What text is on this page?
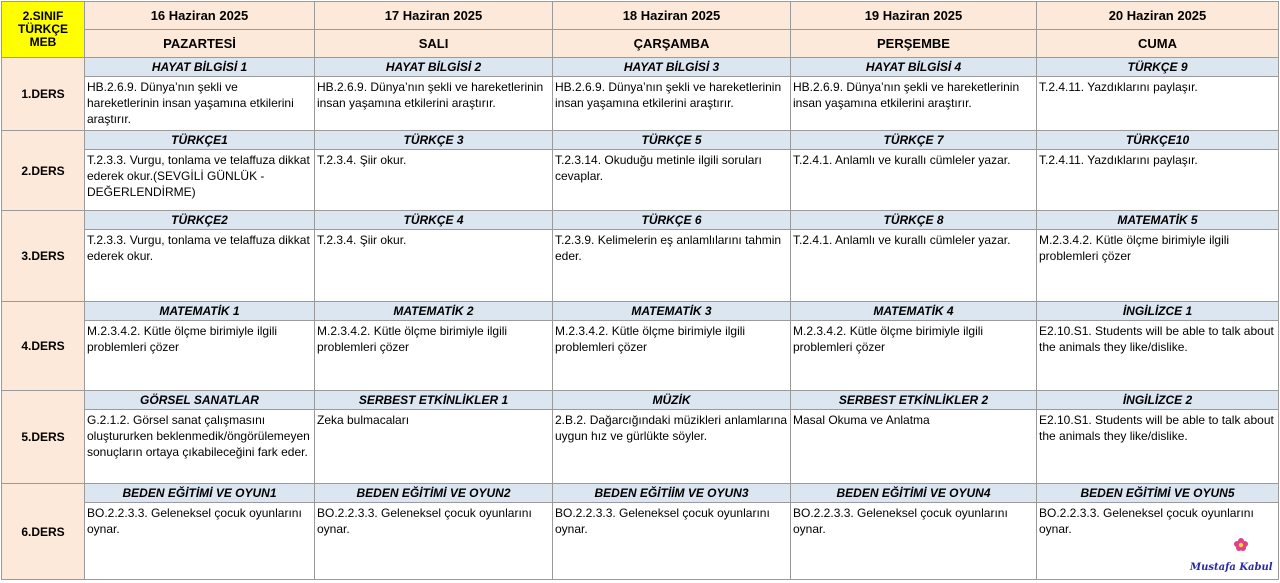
2.SINIF
TÜRKÇE
MEB	16 Haziran 2025	17 Haziran 2025	18 Haziran 2025	19 Haziran 2025	20 Haziran 2025
	PAZARTESİ	SALI	ÇARŞAMBA	PERŞEMBE	CUMA
1.DERS	HAYAT BİLGİSİ 1	HAYAT BİLGİSİ 2	HAYAT BİLGİSİ 3	HAYAT BİLGİSİ 4	TÜRKÇE 9
	HB.2.6.9. Dünya’nın şekli ve hareketlerinin insan yaşamına etkilerini araştırır.	HB.2.6.9. Dünya’nın şekli ve hareketlerinin insan yaşamına etkilerini araştırır.	HB.2.6.9. Dünya’nın şekli ve hareketlerinin insan yaşamına etkilerini araştırır.	HB.2.6.9. Dünya’nın şekli ve hareketlerinin insan yaşamına etkilerini araştırır.	T.2.4.11. Yazdıklarını paylaşır.
2.DERS	TÜRKÇE1	TÜRKÇE 3	TÜRKÇE 5	TÜRKÇE 7	TÜRKÇE10
	T.2.3.3. Vurgu, tonlama ve telaffuza dikkat ederek okur.(SEVGİLİ GÜNLÜK - DEĞERLENDİRME)	T.2.3.4. Şiir okur.	T.2.3.14. Okuduğu metinle ilgili soruları cevaplar.	T.2.4.1. Anlamlı ve kurallı cümleler yazar.	T.2.4.11. Yazdıklarını paylaşır.
3.DERS	TÜRKÇE2	TÜRKÇE 4	TÜRKÇE 6	TÜRKÇE 8	MATEMATİK 5
	T.2.3.3. Vurgu, tonlama ve telaffuza dikkat ederek okur.	T.2.3.4. Şiir okur.	T.2.3.9. Kelimelerin eş anlamlılarını tahmin eder.	T.2.4.1. Anlamlı ve kurallı cümleler yazar.	M.2.3.4.2. Kütle ölçme birimiyle ilgili problemleri çözer
4.DERS	MATEMATİK 1	MATEMATİK 2	MATEMATİK 3	MATEMATİK 4	İNGİLİZCE 1
	M.2.3.4.2. Kütle ölçme birimiyle ilgili problemleri çözer	M.2.3.4.2. Kütle ölçme birimiyle ilgili problemleri çözer	M.2.3.4.2. Kütle ölçme birimiyle ilgili problemleri çözer	M.2.3.4.2. Kütle ölçme birimiyle ilgili problemleri çözer	E2.10.S1. Students will be able to talk about the animals they like/dislike.
5.DERS	GÖRSEL SANATLAR	SERBEST ETKİNLİKLER 1	MÜZİK	SERBEST ETKİNLİKLER 2	İNGİLİZCE 2
	G.2.1.2. Görsel sanat çalışmasını oluştururken beklenmedik/öngörülemeyen sonuçların ortaya çıkabileceğini fark eder.	Zeka bulmacaları	2.B.2. Dağarcığındaki müzikleri anlamlarına uygun hız ve gürlükte söyler.	Masal Okuma ve Anlatma	E2.10.S1. Students will be able to talk about the animals they like/dislike.
6.DERS	BEDEN EĞİTİMİ VE OYUN1	BEDEN EĞİTİMİ VE OYUN2	BEDEN EĞİTİİM VE OYUN3	BEDEN EĞİTİMİ VE OYUN4	BEDEN EĞİTİMİ VE OYUN5
	BO.2.2.3.3. Geleneksel çocuk oyunlarını oynar.	BO.2.2.3.3. Geleneksel çocuk oyunlarını oynar.	BO.2.2.3.3. Geleneksel çocuk oyunlarını oynar.	BO.2.2.3.3. Geleneksel çocuk oyunlarını oynar.	BO.2.2.3.3. Geleneksel çocuk oyunlarını oynar.
Mustafa Kabul
